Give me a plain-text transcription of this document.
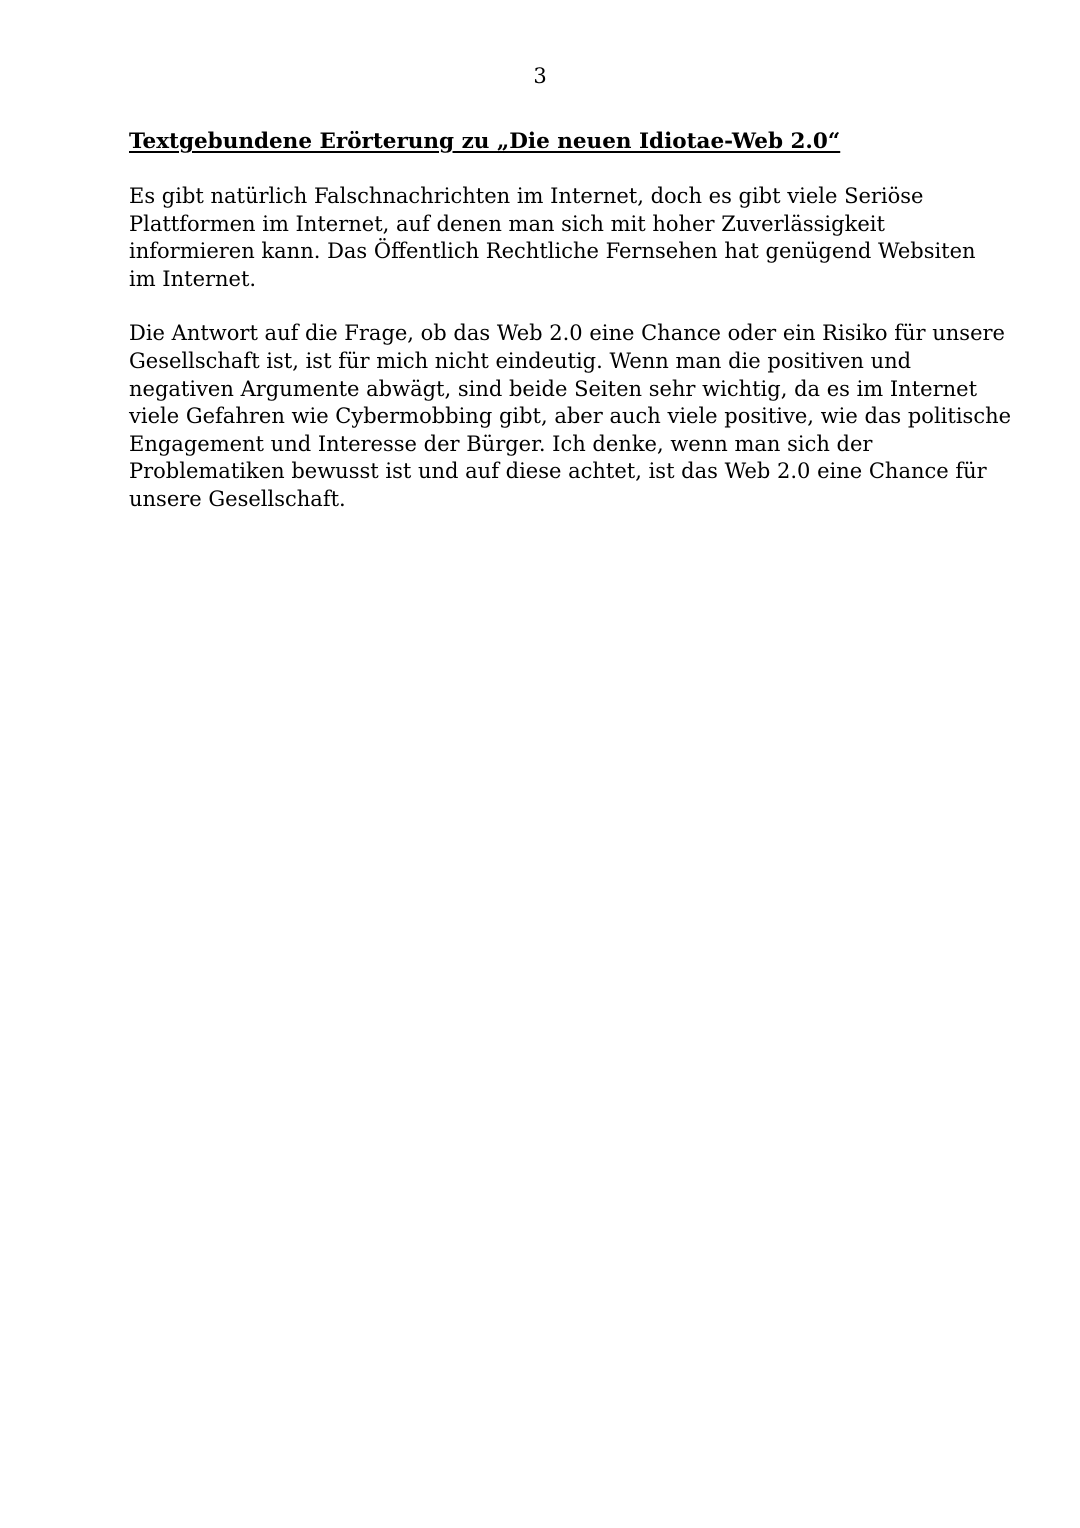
3
Textgebundene Erörterung zu „Die neuen Idiotae-Web 2.0“

Es gibt natürlich Falschnachrichten im Internet, doch es gibt viele Seriöse
Plattformen im Internet, auf denen man sich mit hoher Zuverlässigkeit
informieren kann. Das Öffentlich Rechtliche Fernsehen hat genügend Websiten
im Internet.

Die Antwort auf die Frage, ob das Web 2.0 eine Chance oder ein Risiko für unsere
Gesellschaft ist, ist für mich nicht eindeutig. Wenn man die positiven und
negativen Argumente abwägt, sind beide Seiten sehr wichtig, da es im Internet
viele Gefahren wie Cybermobbing gibt, aber auch viele positive, wie das politische
Engagement und Interesse der Bürger. Ich denke, wenn man sich der
Problematiken bewusst ist und auf diese achtet, ist das Web 2.0 eine Chance für
unsere Gesellschaft.
